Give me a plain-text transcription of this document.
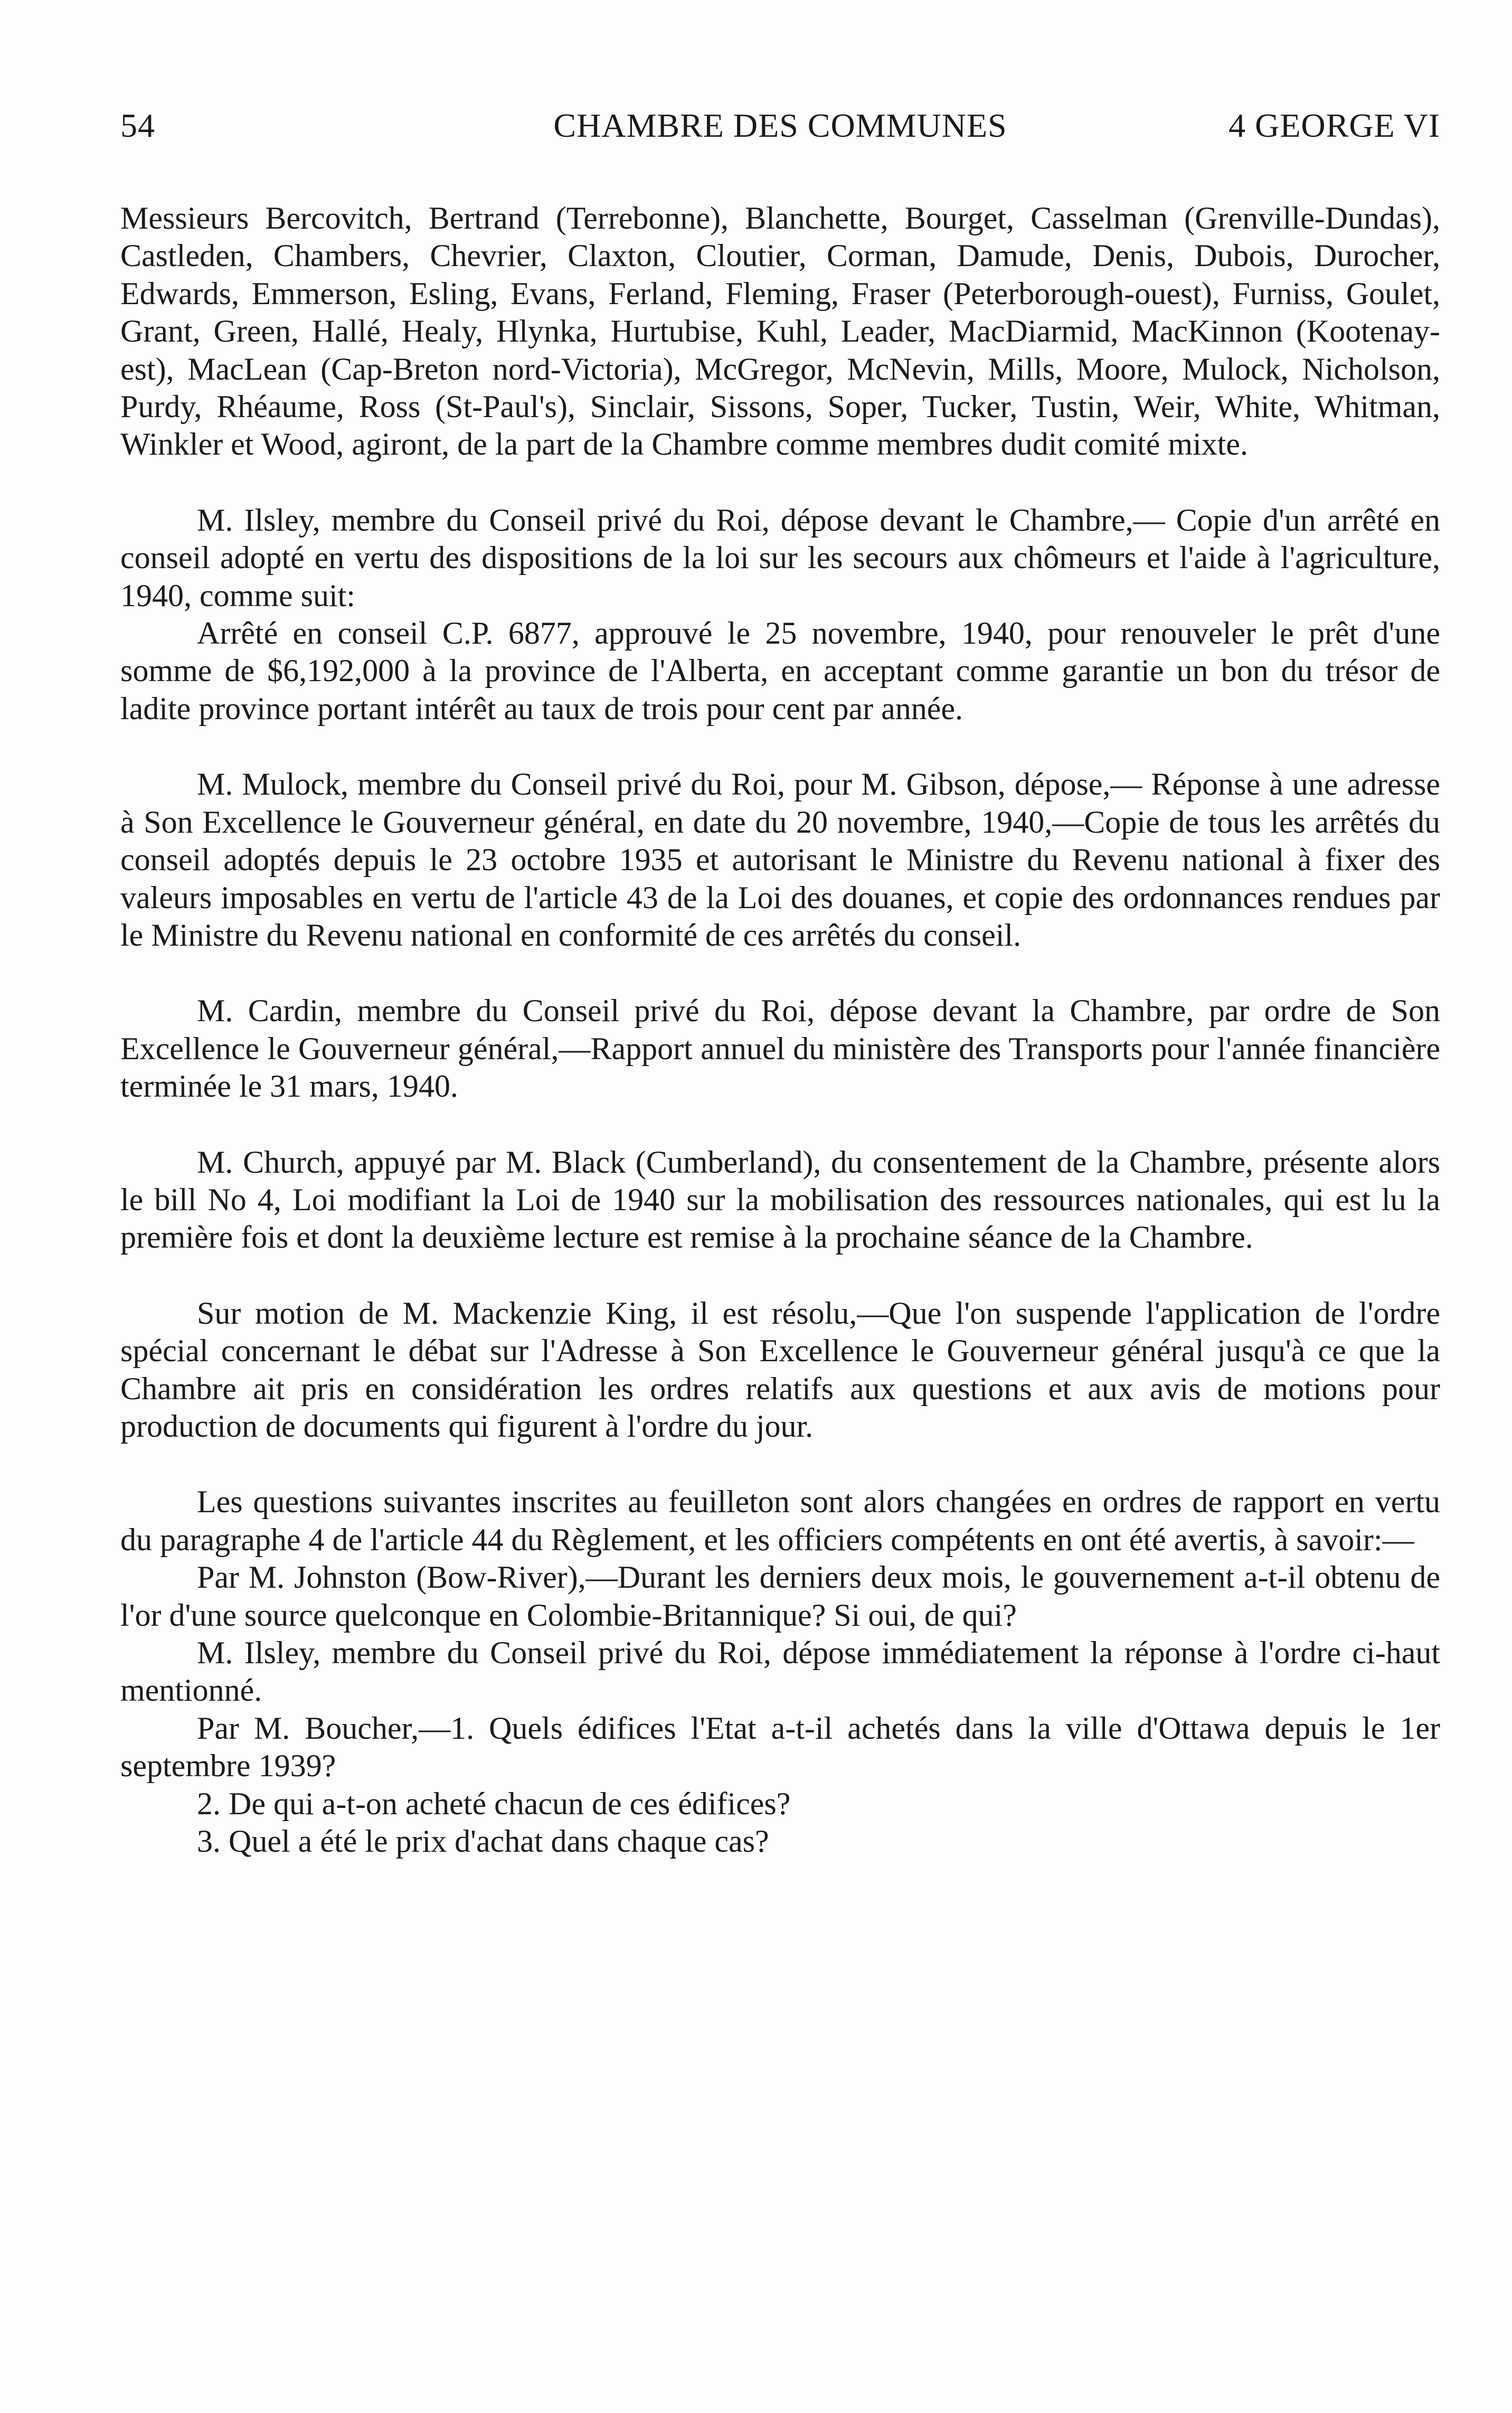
54	CHAMBRE DES COMMUNES	4 GEORGE VI

Messieurs Bercovitch, Bertrand (Terrebonne), Blanchette, Bourget, Casselman (Grenville-Dundas), Castleden, Chambers, Chevrier, Claxton, Cloutier, Corman, Damude, Denis, Dubois, Durocher, Edwards, Emmerson, Esling, Evans, Ferland, Fleming, Fraser (Peterborough-ouest), Furniss, Goulet, Grant, Green, Hallé, Healy, Hlynka, Hurtubise, Kuhl, Leader, MacDiarmid, MacKinnon (Kootenay-est), MacLean (Cap-Breton nord-Victoria), McGregor, McNevin, Mills, Moore, Mulock, Nicholson, Purdy, Rhéaume, Ross (St-Paul's), Sinclair, Sissons, Soper, Tucker, Tustin, Weir, White, Whitman, Winkler et Wood, agiront, de la part de la Chambre comme membres dudit comité mixte.

M. Ilsley, membre du Conseil privé du Roi, dépose devant le Chambre,— Copie d'un arrêté en conseil adopté en vertu des dispositions de la loi sur les secours aux chômeurs et l'aide à l'agriculture, 1940, comme suit:

Arrêté en conseil C.P. 6877, approuvé le 25 novembre, 1940, pour renouveler le prêt d'une somme de $6,192,000 à la province de l'Alberta, en acceptant comme garantie un bon du trésor de ladite province portant intérêt au taux de trois pour cent par année.

M. Mulock, membre du Conseil privé du Roi, pour M. Gibson, dépose,— Réponse à une adresse à Son Excellence le Gouverneur général, en date du 20 novembre, 1940,—Copie de tous les arrêtés du conseil adoptés depuis le 23 octobre 1935 et autorisant le Ministre du Revenu national à fixer des valeurs imposables en vertu de l'article 43 de la Loi des douanes, et copie des ordonnances rendues par le Ministre du Revenu national en conformité de ces arrêtés du conseil.

M. Cardin, membre du Conseil privé du Roi, dépose devant la Chambre, par ordre de Son Excellence le Gouverneur général,—Rapport annuel du ministère des Transports pour l'année financière terminée le 31 mars, 1940.

M. Church, appuyé par M. Black (Cumberland), du consentement de la Chambre, présente alors le bill No 4, Loi modifiant la Loi de 1940 sur la mobilisation des ressources nationales, qui est lu la première fois et dont la deuxième lecture est remise à la prochaine séance de la Chambre.

Sur motion de M. Mackenzie King, il est résolu,—Que l'on suspende l'application de l'ordre spécial concernant le débat sur l'Adresse à Son Excellence le Gouverneur général jusqu'à ce que la Chambre ait pris en considération les ordres relatifs aux questions et aux avis de motions pour production de documents qui figurent à l'ordre du jour.

Les questions suivantes inscrites au feuilleton sont alors changées en ordres de rapport en vertu du paragraphe 4 de l'article 44 du Règlement, et les officiers compétents en ont été avertis, à savoir:—

Par M. Johnston (Bow-River),—Durant les derniers deux mois, le gouvernement a-t-il obtenu de l'or d'une source quelconque en Colombie-Britannique? Si oui, de qui?

M. Ilsley, membre du Conseil privé du Roi, dépose immédiatement la réponse à l'ordre ci-haut mentionné.

Par M. Boucher,—1. Quels édifices l'Etat a-t-il achetés dans la ville d'Ottawa depuis le 1er septembre 1939?

2. De qui a-t-on acheté chacun de ces édifices?

3. Quel a été le prix d'achat dans chaque cas?
